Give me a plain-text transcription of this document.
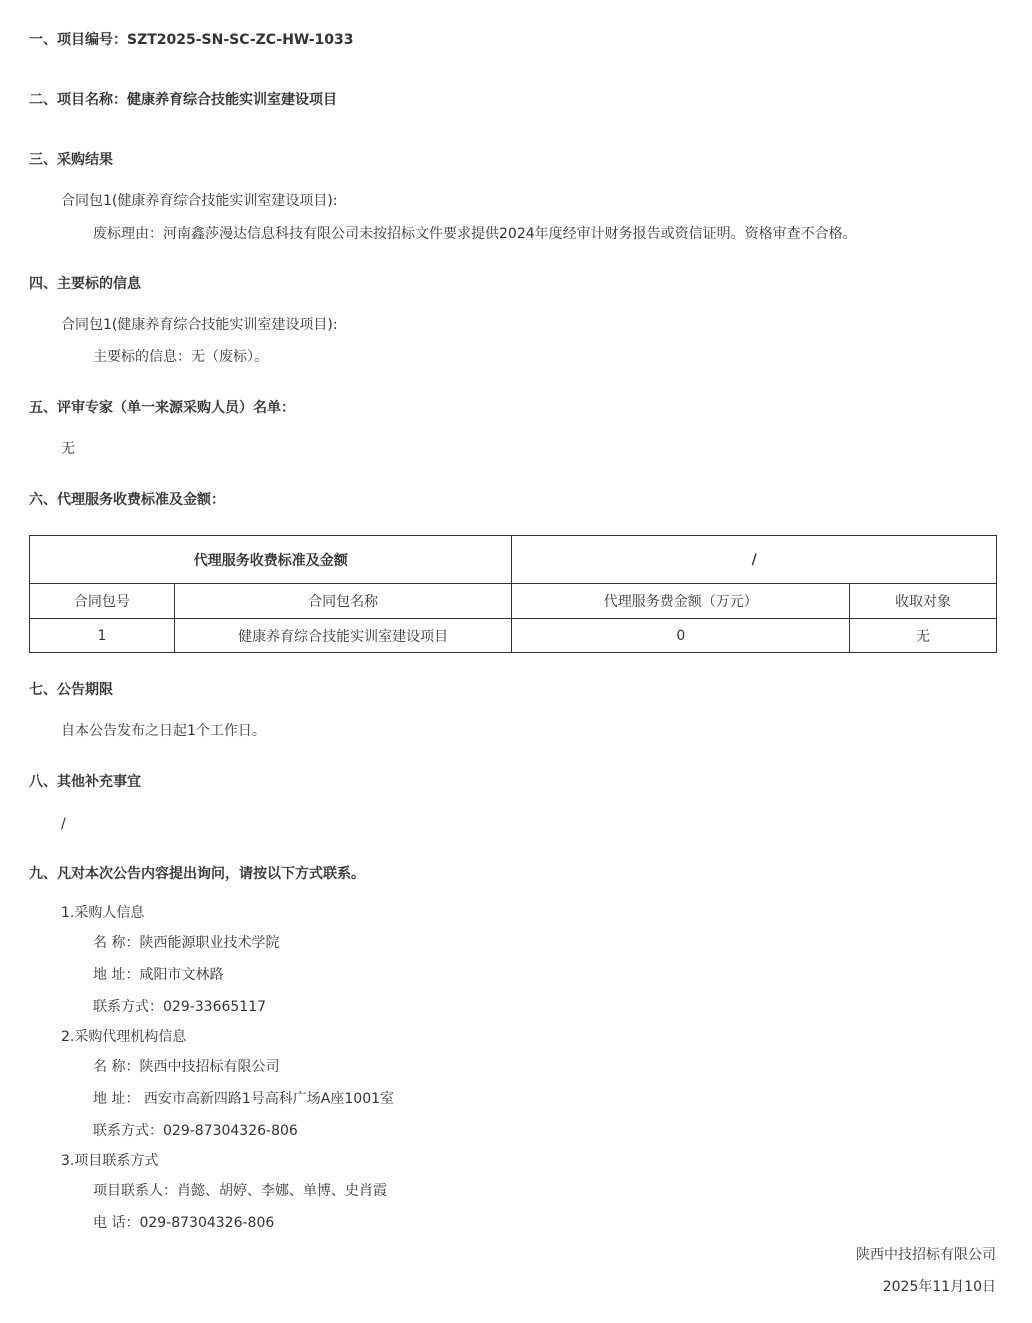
一、项目编号：SZT2025-SN-SC-ZC-HW-1033
二、项目名称：健康养育综合技能实训室建设项目
三、采购结果
合同包1(健康养育综合技能实训室建设项目):
废标理由：河南鑫莎漫达信息科技有限公司未按招标文件要求提供2024年度经审计财务报告或资信证明。资格审查不合格。
四、主要标的信息
合同包1(健康养育综合技能实训室建设项目):
主要标的信息：无（废标）。
五、评审专家（单一来源采购人员）名单：
无
六、代理服务收费标准及金额：
代理服务收费标准及金额		/	
合同包号	合同包名称	代理服务费金额（万元）	收取对象
1	健康养育综合技能实训室建设项目	0	无
七、公告期限
自本公告发布之日起1个工作日。
八、其他补充事宜
/
九、凡对本次公告内容提出询问，请按以下方式联系。
1.采购人信息
名 称：陕西能源职业技术学院
地 址：咸阳市文林路
联系方式：029-33665117
2.采购代理机构信息
名 称：陕西中技招标有限公司
地 址： 西安市高新四路1号高科广场A座1001室
联系方式：029-87304326-806
3.项目联系方式
项目联系人：肖懿、胡婷、李娜、单博、史肖霞
电 话：029-87304326-806
陕西中技招标有限公司
2025年11月10日
